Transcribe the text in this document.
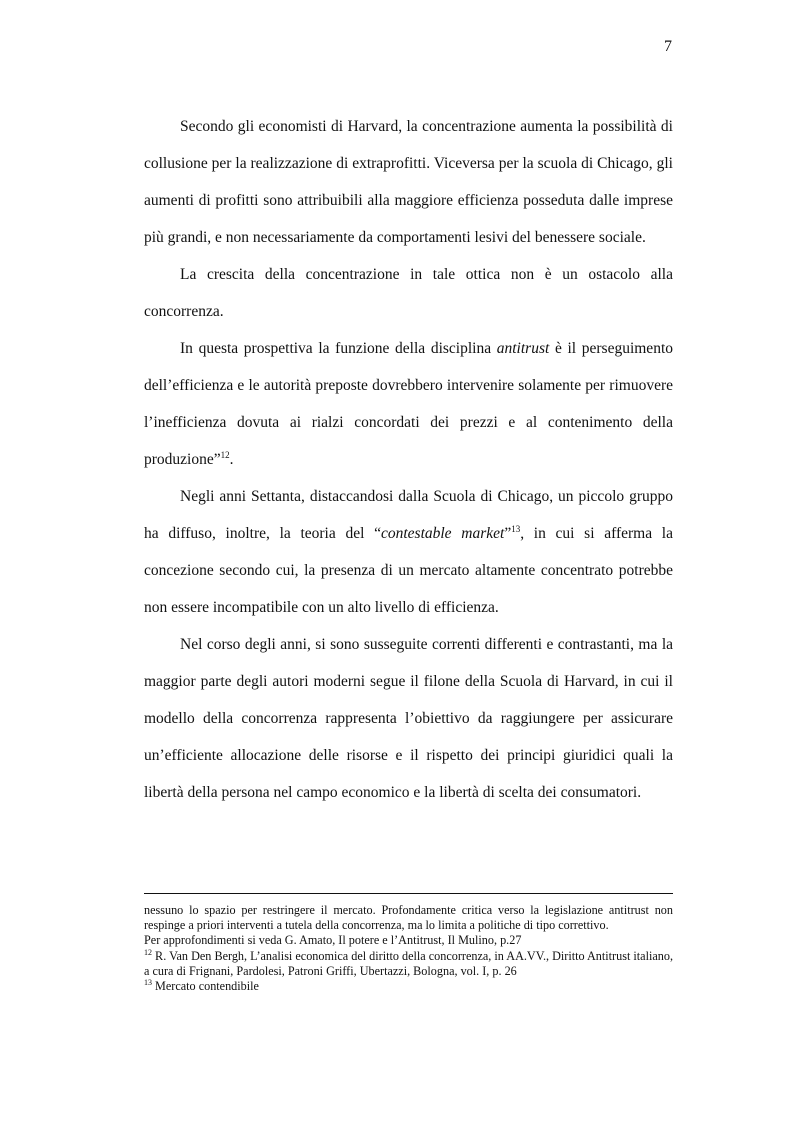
7

Secondo gli economisti di Harvard, la concentrazione aumenta la possibilità di collusione per la realizzazione di extraprofitti. Viceversa per la scuola di Chicago, gli aumenti di profitti sono attribuibili alla maggiore efficienza posseduta dalle imprese più grandi, e non necessariamente da comportamenti lesivi del benessere sociale.

La crescita della concentrazione in tale ottica non è un ostacolo alla concorrenza.

In questa prospettiva la funzione della disciplina antitrust è il perseguimento dell’efficienza e le autorità preposte dovrebbero intervenire solamente per rimuovere l’inefficienza dovuta ai rialzi concordati dei prezzi e al contenimento della produzione”$^{12}$.

Negli anni Settanta, distaccandosi dalla Scuola di Chicago, un piccolo gruppo ha diffuso, inoltre, la teoria del “contestable market”$^{13}$, in cui si afferma la concezione secondo cui, la presenza di un mercato altamente concentrato potrebbe non essere incompatibile con un alto livello di efficienza.

Nel corso degli anni, si sono susseguite correnti differenti e contrastanti, ma la maggior parte degli autori moderni segue il filone della Scuola di Harvard, in cui il modello della concorrenza rappresenta l’obiettivo da raggiungere per assicurare un’efficiente allocazione delle risorse e il rispetto dei principi giuridici quali la libertà della persona nel campo economico e la libertà di scelta dei consumatori.

nessuno lo spazio per restringere il mercato. Profondamente critica verso la legislazione antitrust non respinge a priori interventi a tutela della concorrenza, ma lo limita a politiche di tipo correttivo.

Per approfondimenti si veda G. Amato, Il potere e l’Antitrust, Il Mulino, p.27

$^{12}$ R. Van Den Bergh, L’analisi economica del diritto della concorrenza, in AA.VV., Diritto Antitrust italiano, a cura di Frignani, Pardolesi, Patroni Griffi, Ubertazzi, Bologna, vol. I, p. 26

$^{13}$ Mercato contendibile
